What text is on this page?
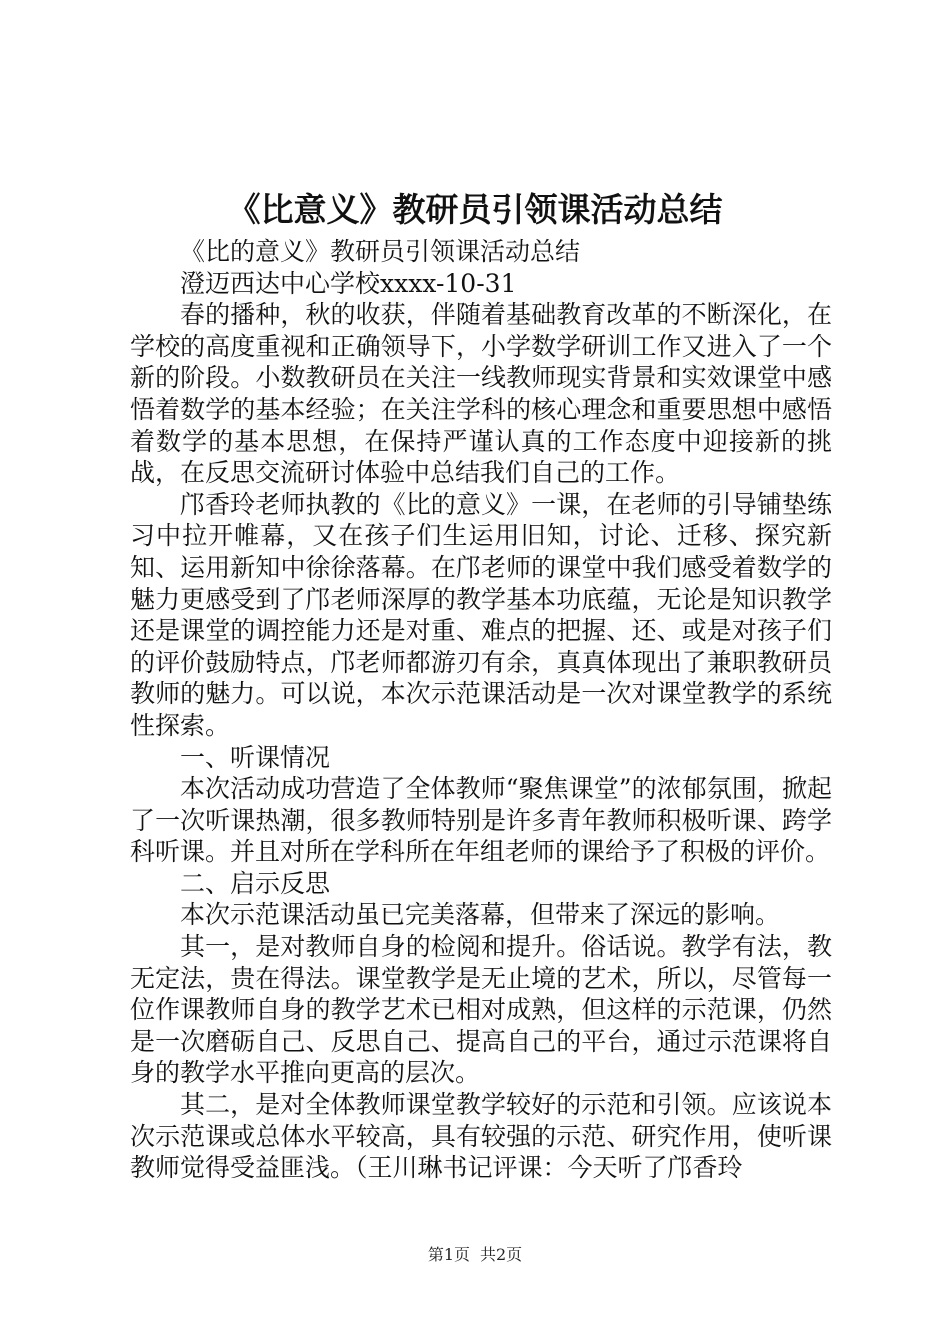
《比意义》教研员引领课活动总结

《比的意义》教研员引领课活动总结

澄迈西达中心学校xxxx-10-31

春的播种，秋的收获，伴随着基础教育改革的不断深化，在学校的高度重视和正确领导下，小学数学研训工作又进入了一个新的阶段。小数教研员在关注一线教师现实背景和实效课堂中感悟着数学的基本经验；在关注学科的核心理念和重要思想中感悟着数学的基本思想，在保持严谨认真的工作态度中迎接新的挑战，在反思交流研讨体验中总结我们自己的工作。

邝香玲老师执教的《比的意义》一课，在老师的引导铺垫练习中拉开帷幕，又在孩子们生运用旧知，讨论、迁移、探究新知、运用新知中徐徐落幕。在邝老师的课堂中我们感受着数学的魅力更感受到了邝老师深厚的教学基本功底蕴，无论是知识教学还是课堂的调控能力还是对重、难点的把握、还、或是对孩子们的评价鼓励特点，邝老师都游刃有余，真真体现出了兼职教研员教师的魅力。可以说，本次示范课活动是一次对课堂教学的系统性探索。

一、听课情况

本次活动成功营造了全体教师“聚焦课堂”的浓郁氛围，掀起了一次听课热潮，很多教师特别是许多青年教师积极听课、跨学科听课。并且对所在学科所在年组老师的课给予了积极的评价。

二、启示反思

本次示范课活动虽已完美落幕，但带来了深远的影响。

其一，是对教师自身的检阅和提升。俗话说。教学有法，教无定法，贵在得法。课堂教学是无止境的艺术，所以，尽管每一位作课教师自身的教学艺术已相对成熟，但这样的示范课，仍然是一次磨砺自己、反思自己、提高自己的平台，通过示范课将自身的教学水平推向更高的层次。

其二，是对全体教师课堂教学较好的示范和引领。应该说本次示范课或总体水平较高，具有较强的示范、研究作用，使听课教师觉得受益匪浅。（王川琳书记评课：今天听了邝香玲

第1页 共2页
